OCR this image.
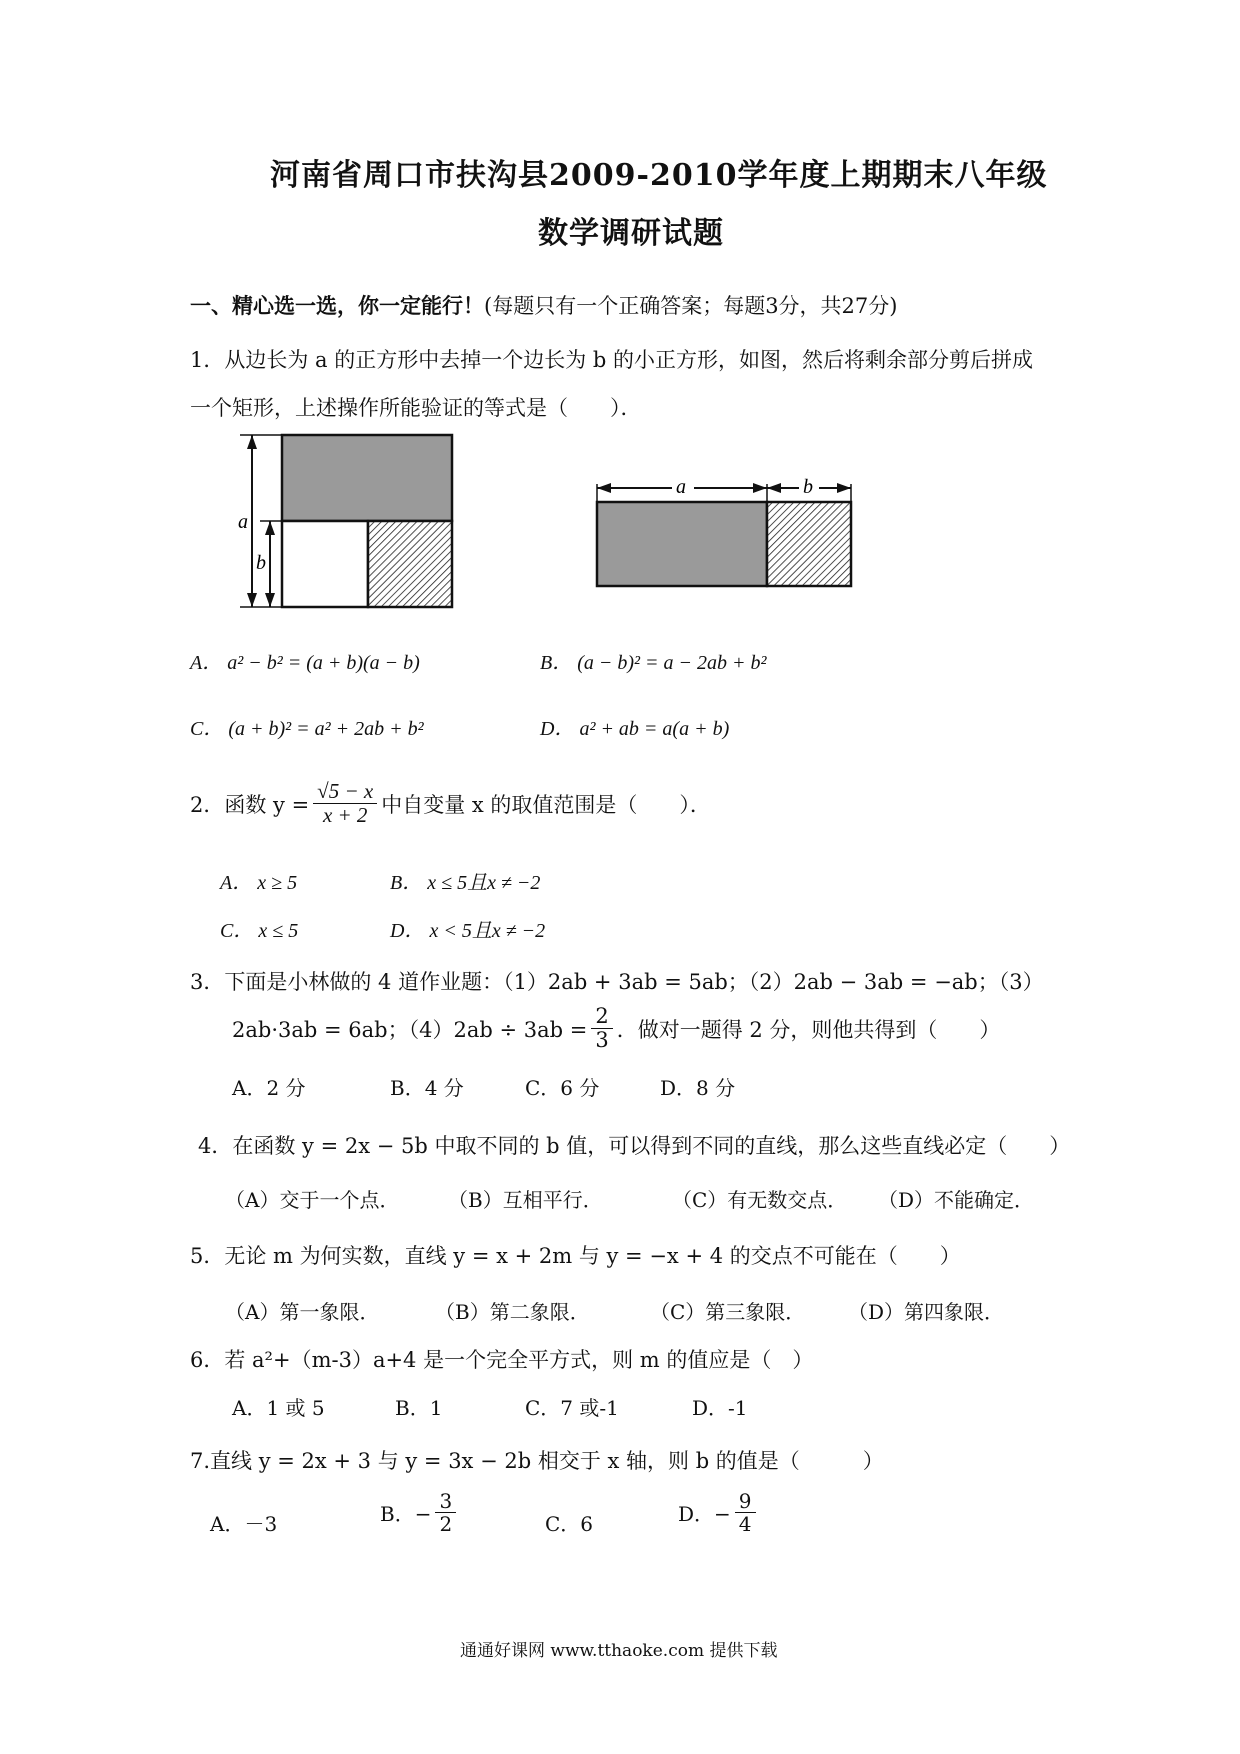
河南省周口市扶沟县2009-2010学年度上期期末八年级
数学调研试题
一、精心选一选，你一定能行！(每题只有一个正确答案；每题3分，共27分)
1．从边长为 a 的正方形中去掉一个边长为 b 的小正方形，如图，然后将剩余部分剪后拼成
一个矩形，上述操作所能验证的等式是（　　）．
a
b
a	b
A． a² − b² = (a + b)(a − b)	B． (a − b)² = a − 2ab + b²
C． (a + b)² = a² + 2ab + b²	D． a² + ab = a(a + b)
2．函数 $y = \frac{√5 - x}{x + 2}$ 中自变量 x 的取值范围是（　　）．
A． x ≥ 5	B． x ≤ 5且x ≠ −2
C． x ≤ 5	D． x < 5且x ≠ −2
3．下面是小林做的 4 道作业题：（1）2ab + 3ab = 5ab；（2）2ab − 3ab = −ab；（3）
2ab·3ab = 6ab；$(4)2ab \div 3ab = \frac{2}{3}$ ．做对一题得 2 分，则他共得到（　　）
A．2 分	B．4 分	C．6 分	D．8 分
4．在函数 y = 2x − 5b 中取不同的 b 值，可以得到不同的直线，那么这些直线必定（　　）
（A）交于一个点． （B）互相平行．	（C）有无数交点． （D）不能确定．
5．无论 m 为何实数，直线 y = x + 2m 与 y = −x + 4 的交点不可能在（　　）
（A）第一象限．	（B）第二象限．	（C）第三象限． （D）第四象限．
6．若 a²+（m-3）a+4 是一个完全平方式，则 m 的值应是（　）
A．1 或 5	B．1	C．7 或-1	D．-1
7.直线 y = 2x + 3 与 y = 3x − 2b 相交于 x 轴，则 b 的值是（　　　）
A．－3	B．− $\frac{3}{2}$	C．6	D．− $\frac{9}{4}$
通通好课网 www.tthaoke.com 提供下载
